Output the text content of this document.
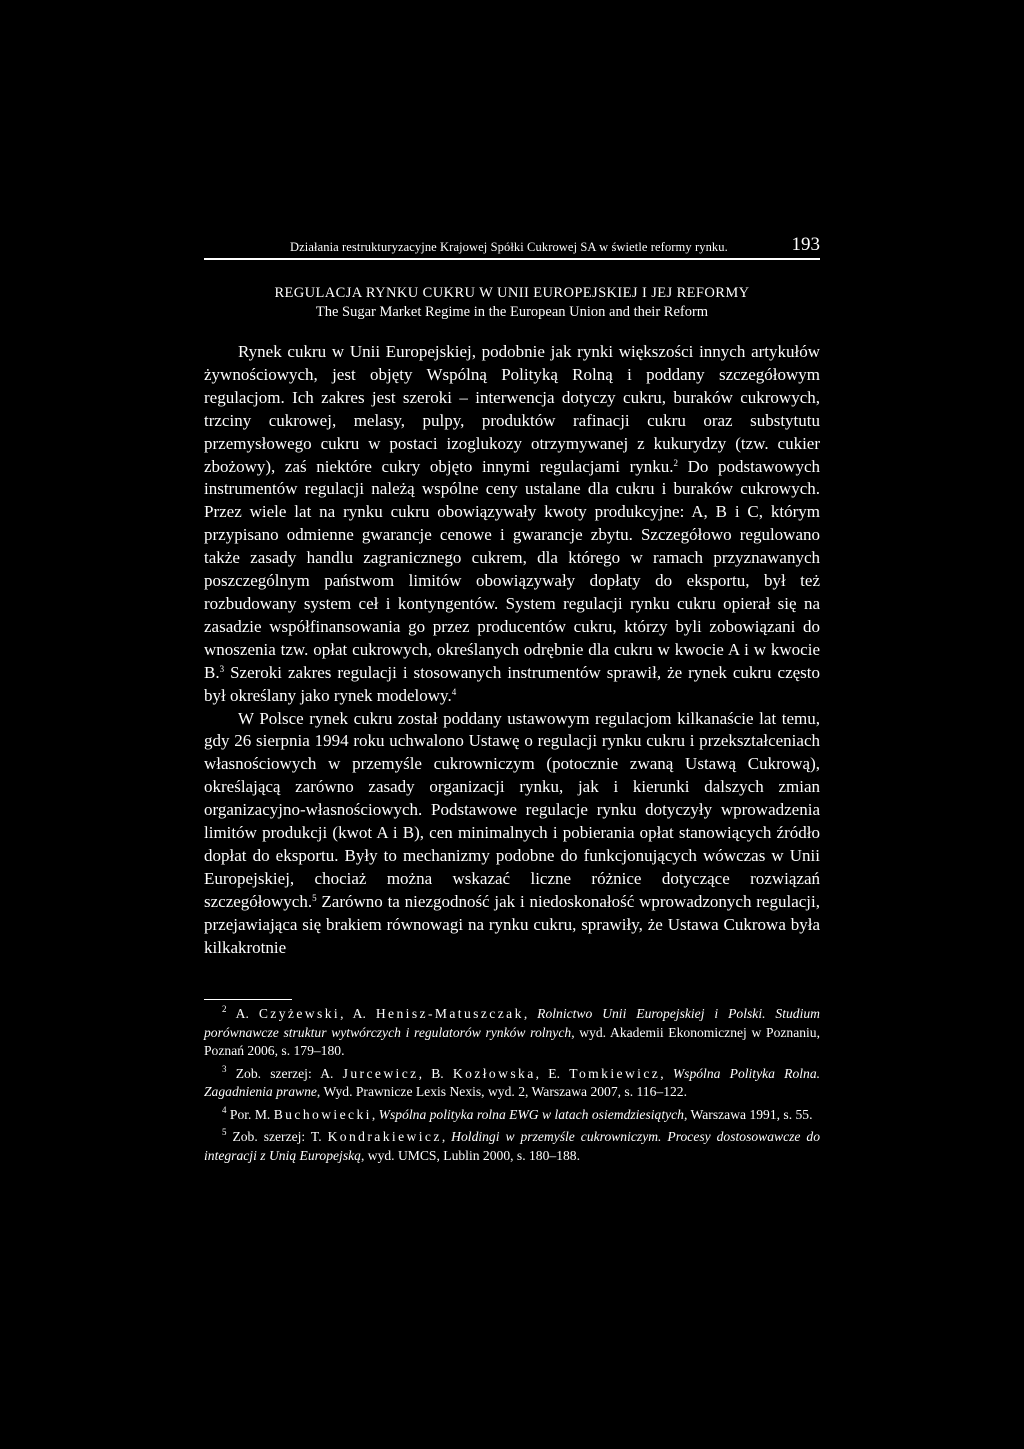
Działania restrukturyzacyjne Krajowej Spółki Cukrowej SA w świetle reformy rynku.	193
REGULACJA RYNKU CUKRU W UNII EUROPEJSKIEJ I JEJ REFORMY
The Sugar Market Regime in the European Union and their Reform

Rynek cukru w Unii Europejskiej, podobnie jak rynki większości innych artykułów żywnościowych, jest objęty Wspólną Polityką Rolną i poddany szczegółowym regulacjom. Ich zakres jest szeroki – interwencja dotyczy cukru, buraków cukrowych, trzciny cukrowej, melasy, pulpy, produktów rafinacji cukru oraz substytutu przemysłowego cukru w postaci izoglukozy otrzymywanej z kukurydzy (tzw. cukier zbożowy), zaś niektóre cukry objęto innymi regulacjami rynku.$^2$ Do podstawowych instrumentów regulacji należą wspólne ceny ustalane dla cukru i buraków cukrowych. Przez wiele lat na rynku cukru obowiązywały kwoty produkcyjne: A, B i C, którym przypisano odmienne gwarancje cenowe i gwarancje zbytu. Szczegółowo regulowano także zasady handlu zagranicznego cukrem, dla którego w ramach przyznawanych poszczególnym państwom limitów obowiązywały dopłaty do eksportu, był też rozbudowany system ceł i kontyngentów. System regulacji rynku cukru opierał się na zasadzie współfinansowania go przez producentów cukru, którzy byli zobowiązani do wnoszenia tzw. opłat cukrowych, określanych odrębnie dla cukru w kwocie A i w kwocie B.$^3$ Szeroki zakres regulacji i stosowanych instrumentów sprawił, że rynek cukru często był określany jako rynek modelowy.$^4$

W Polsce rynek cukru został poddany ustawowym regulacjom kilkanaście lat temu, gdy 26 sierpnia 1994 roku uchwalono Ustawę o regulacji rynku cukru i przekształceniach własnościowych w przemyśle cukrowniczym (potocznie zwaną Ustawą Cukrową), określającą zarówno zasady organizacji rynku, jak i kierunki dalszych zmian organizacyjno-własnościowych. Podstawowe regulacje rynku dotyczyły wprowadzenia limitów produkcji (kwot A i B), cen minimalnych i pobierania opłat stanowiących źródło dopłat do eksportu. Były to mechanizmy podobne do funkcjonujących wówczas w Unii Europejskiej, chociaż można wskazać liczne różnice dotyczące rozwiązań szczegółowych.$^5$ Zarówno ta niezgodność jak i niedoskonałość wprowadzonych regulacji, przejawiająca się brakiem równowagi na rynku cukru, sprawiły, że Ustawa Cukrowa była kilkakrotnie

$^2$ A. Czyżewski, A. Henisz-Matuszczak, Rolnictwo Unii Europejskiej i Polski. Studium porównawcze struktur wytwórczych i regulatorów rynków rolnych, wyd. Akademii Ekonomicznej w Poznaniu, Poznań 2006, s. 179–180.

$^3$ Zob. szerzej: A. Jurcewicz, B. Kozłowska, E. Tomkiewicz, Wspólna Polityka Rolna. Zagadnienia prawne, Wyd. Prawnicze Lexis Nexis, wyd. 2, Warszawa 2007, s. 116–122.

$^4$ Por. M. Buchowiecki, Wspólna polityka rolna EWG w latach osiemdziesiątych, Warszawa 1991, s. 55.

$^5$ Zob. szerzej: T. Kondrakiewicz, Holdingi w przemyśle cukrowniczym. Procesy dostosowawcze do integracji z Unią Europejską, wyd. UMCS, Lublin 2000, s. 180–188.
